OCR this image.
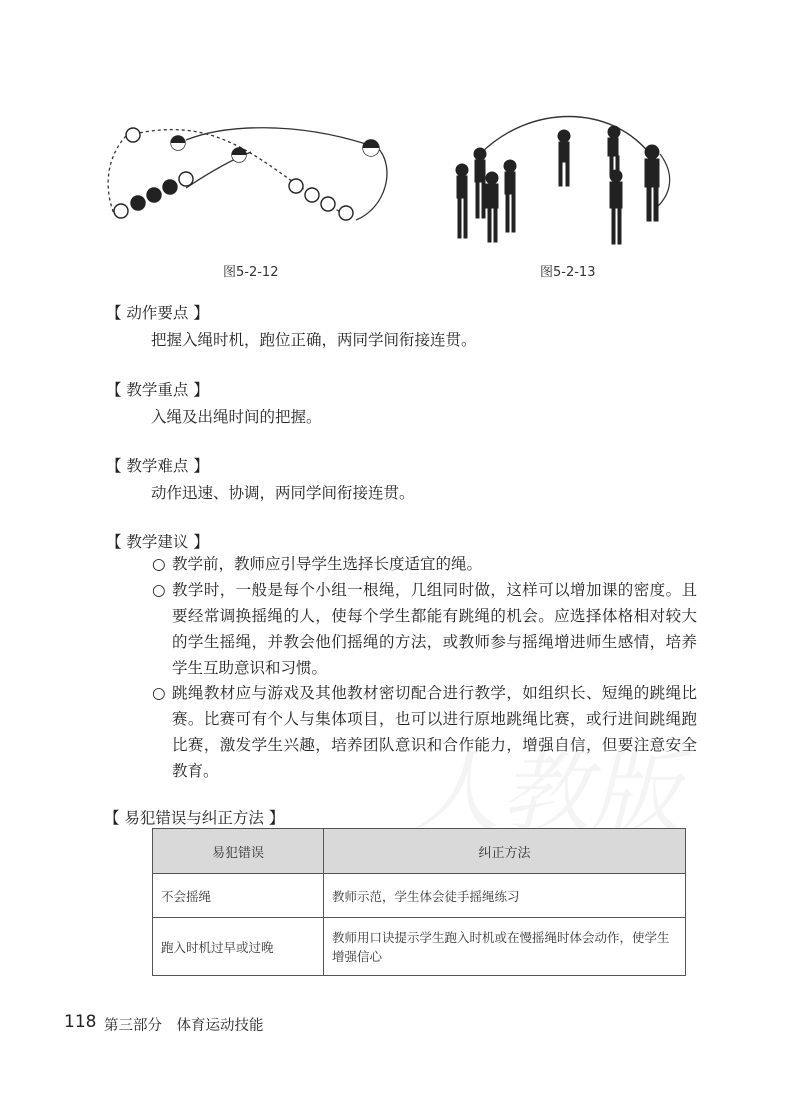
图5-2-12	图5-2-13
【 动作要点 】
把握入绳时机，跑位正确，两同学间衔接连贯。
【 教学重点 】
入绳及出绳时间的把握。
【 教学难点 】
动作迅速、协调，两同学间衔接连贯。
【 教学建议 】
○ 教学前，教师应引导学生选择长度适宜的绳。
○ 教学时，一般是每个小组一根绳，几组同时做，这样可以增加课的密度。且要经常调换摇绳的人，使每个学生都能有跳绳的机会。应选择体格相对较大的学生摇绳，并教会他们摇绳的方法，或教师参与摇绳增进师生感情，培养学生互助意识和习惯。
○ 跳绳教材应与游戏及其他教材密切配合进行教学，如组织长、短绳的跳绳比赛。比赛可有个人与集体项目，也可以进行原地跳绳比赛，或行进间跳绳跑比赛，激发学生兴趣，培养团队意识和合作能力，增强自信，但要注意安全教育。
【 易犯错误与纠正方法 】
易犯错误	纠正方法
不会摇绳	教师示范，学生体会徒手摇绳练习
跑入时机过早或过晚	教师用口诀提示学生跑入时机或在慢摇绳时体会动作，使学生增强信心
118 第三部分　体育运动技能
